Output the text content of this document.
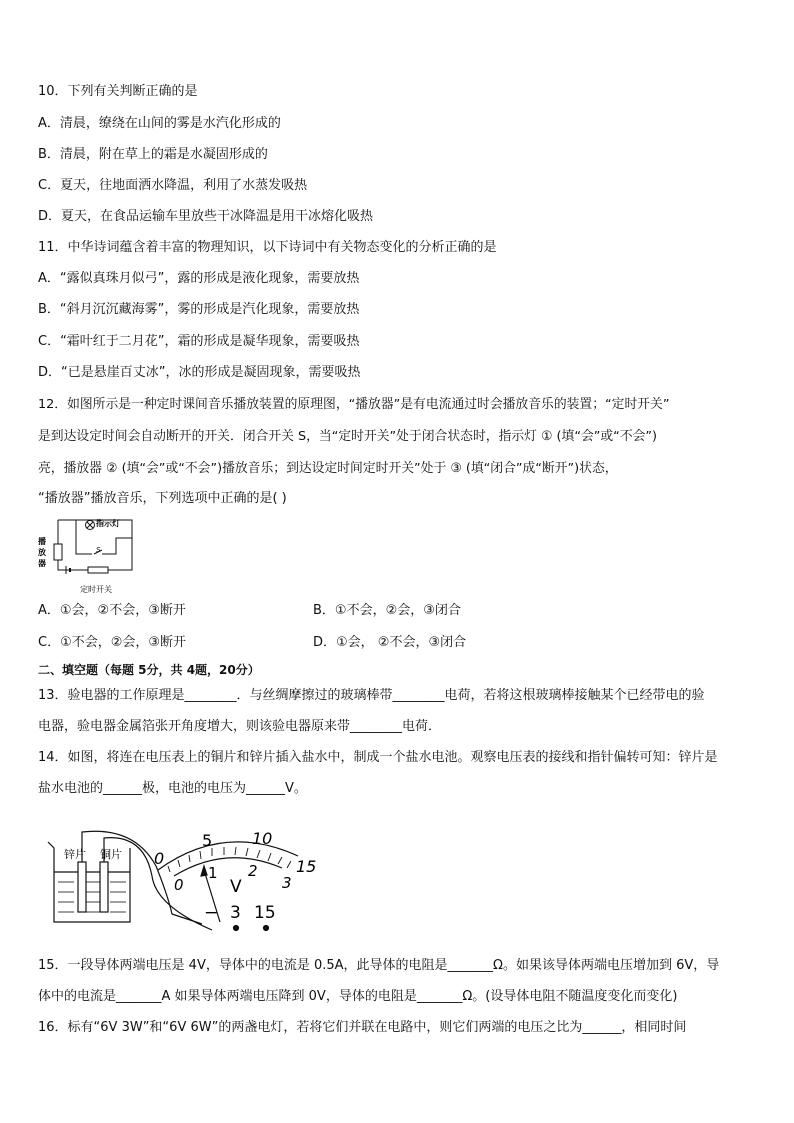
10．下列有关判断正确的是
A．清晨，缭绕在山间的雾是水汽化形成的
B．清晨，附在草上的霜是水凝固形成的
C．夏天，往地面洒水降温，利用了水蒸发吸热
D．夏天，在食品运输车里放些干冰降温是用干冰熔化吸热
11．中华诗词蕴含着丰富的物理知识，以下诗词中有关物态变化的分析正确的是
A．“露似真珠月似弓”，露的形成是液化现象，需要放热
B．“斜月沉沉藏海雾”，雾的形成是汽化现象，需要放热
C．“霜叶红于二月花”，霜的形成是凝华现象，需要吸热
D．“已是悬崖百丈冰”，冰的形成是凝固现象，需要吸热
12．如图所示是一种定时课间音乐播放装置的原理图，“播放器”是有电流通过时会播放音乐的装置；“定时开关”
是到达设定时间会自动断开的开关．闭合开关 S，当“定时开关”处于闭合状态时，指示灯 ① (填“会”或“不会”)
亮，播放器 ② (填“会”或“不会”)播放音乐；到达设定时间定时开关”处于 ③ (填“闭合”成“断开”)状态，
“播放器”播放音乐，下列选项中正确的是( )
指示灯
S
播
放
器
定时开关
A．①会，②不会，③断开	B．①不会，②会，③闭合
C．①不会，②会，③断开	D．①会， ②不会，③闭合
二、填空题（每题 5分，共 4题，20分）
13．验电器的工作原理是________．与丝绸摩擦过的玻璃棒带________电荷，若将这根玻璃棒接触某个已经带电的验
电器，验电器金属箔张开角度增大，则该验电器原来带________电荷．
14．如图，将连在电压表上的铜片和锌片插入盐水中，制成一个盐水电池。观察电压表的接线和指针偏转可知：锌片是
盐水电池的______极，电池的电压为______V。
锌片 铜片 0
5 10
15
0
1 2
3
V
− 3 15
15．一段导体两端电压是 4V，导体中的电流是 0.5A，此导体的电阻是_______Ω。如果该导体两端电压增加到 6V，导
体中的电流是_______A 如果导体两端电压降到 0V，导体的电阻是_______Ω。(设导体电阻不随温度变化而变化)
16．标有“6V 3W”和“6V 6W”的两盏电灯，若将它们并联在电路中，则它们两端的电压之比为______，相同时间
